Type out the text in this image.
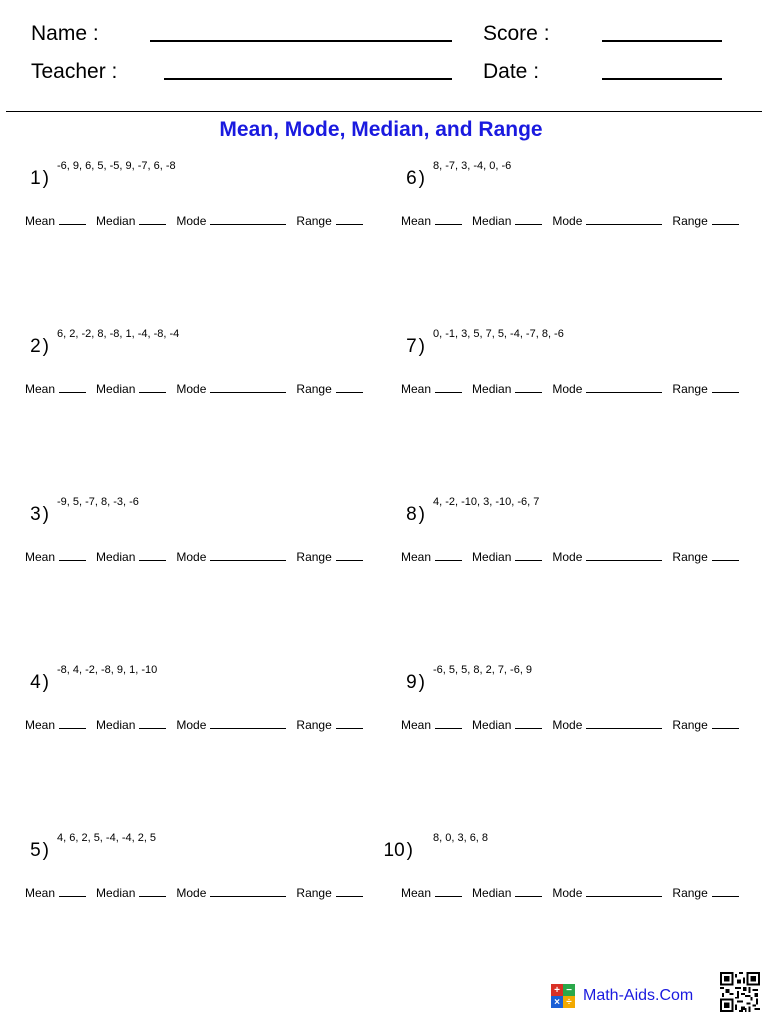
Name :	Score :
Teacher :	Date :
Mean, Mode, Median, and Range
1 )
-6, 9, 6, 5, -5, 9, -7, 6, -8
Mean	Median	Mode	Range
2 )
6, 2, -2, 8, -8, 1, -4, -8, -4
Mean	Median	Mode	Range
3 )
-9, 5, -7, 8, -3, -6
Mean	Median	Mode	Range
4 )
-8, 4, -2, -8, 9, 1, -10
Mean	Median	Mode	Range
5 )
4, 6, 2, 5, -4, -4, 2, 5
Mean	Median	Mode	Range
6 )
8, -7, 3, -4, 0, -6
Mean	Median	Mode	Range
7 )
0, -1, 3, 5, 7, 5, -4, -7, 8, -6
Mean	Median	Mode	Range
8 )
4, -2, -10, 3, -10, -6, 7
Mean	Median	Mode	Range
9 )
-6, 5, 5, 8, 2, 7, -6, 9
Mean	Median	Mode	Range
10 )
8, 0, 3, 6, 8
Mean	Median	Mode	Range
+ −
× ÷ Math-Aids.Com
